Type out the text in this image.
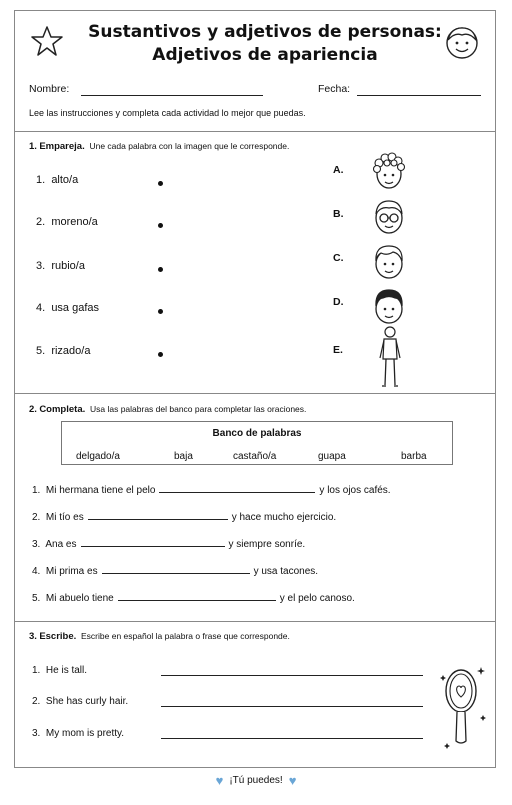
Sustantivos y adjetivos de personas:
Adjetivos de apariencia
Nombre:	Fecha:
Lee las instrucciones y completa cada actividad lo mejor que puedas.
1. Empareja. Une cada palabra con la imagen que le corresponde.
1. alto/a
2. moreno/a
3. rubio/a
4. usa gafas
5. rizado/a
A.
B.
C.
D.
E.
2. Completa. Usa las palabras del banco para completar las oraciones.
Banco de palabras
delgado/a	baja	castaño/a	guapa	barba
1. Mi hermana tiene el pelo	y los ojos cafés.
2. Mi tío es	y hace mucho ejercicio.
3. Ana es	y siempre sonríe.
4. Mi prima es	y usa tacones.
5. Mi abuelo tiene	y el pelo canoso.
3. Escribe. Escribe en español la palabra o frase que corresponde.
1. He is tall.
2. She has curly hair.
3. My mom is pretty.
♥ ¡Tú puedes! ♥
